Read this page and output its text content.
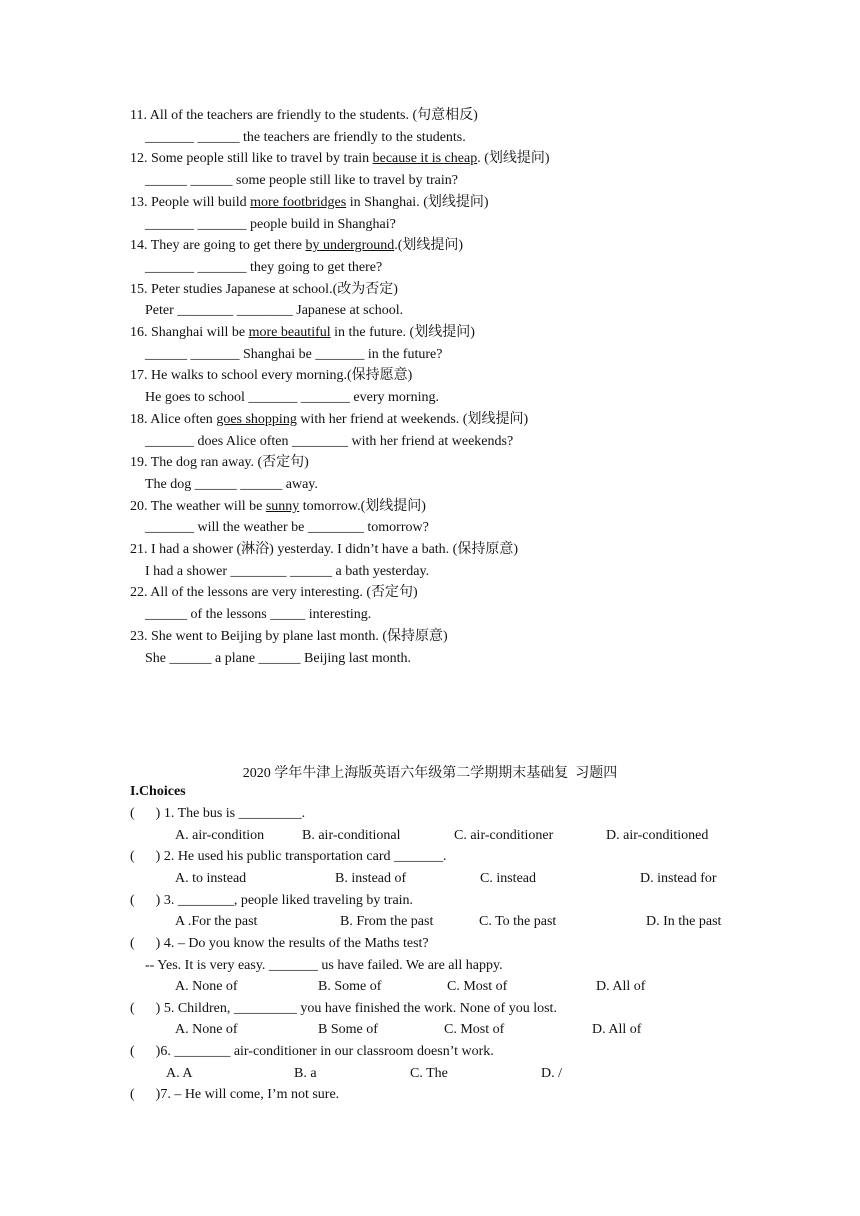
11. All of the teachers are friendly to the students. (句意相反)
_______ ______ the teachers are friendly to the students.
12. Some people still like to travel by train because it is cheap. (划线提问)
______ ______ some people still like to travel by train?
13. People will build more footbridges in Shanghai. (划线提问)
_______ _______ people build in Shanghai?
14. They are going to get there by underground.(划线提问)
_______ _______ they going to get there?
15. Peter studies Japanese at school.(改为否定)
Peter ________ ________ Japanese at school.
16. Shanghai will be more beautiful in the future. (划线提问)
______ _______ Shanghai be _______ in the future?
17. He walks to school every morning.(保持愿意)
He goes to school _______ _______ every morning.
18. Alice often goes shopping with her friend at weekends. (划线提问)
_______ does Alice often ________ with her friend at weekends?
19. The dog ran away. (否定句)
The dog ______ ______ away.
20. The weather will be sunny tomorrow.(划线提问)
_______ will the weather be ________ tomorrow?
21. I had a shower (淋浴) yesterday. I didn’t have a bath. (保持原意)
I had a shower ________ ______ a bath yesterday.
22. All of the lessons are very interesting. (否定句)
______ of the lessons _____ interesting.
23. She went to Beijing by plane last month. (保持原意)
She ______ a plane ______ Beijing last month.
2020 学年牛津上海版英语六年级第二学期期末基础复  习题四
I.Choices
(      ) 1. The bus is _________.
A. air-condition	B. air-conditional	C. air-conditioner	D. air-conditioned
(      ) 2. He used his public transportation card _______.
A. to instead	B. instead of	C. instead	D. instead for
(      ) 3. ________, people liked traveling by train.
A .For the past	B. From the past	C. To the past	D. In the past
(      ) 4. – Do you know the results of the Maths test?
-- Yes. It is very easy. _______ us have failed. We are all happy.
A. None of	B. Some of	C. Most of	D. All of
(      ) 5. Children, _________ you have finished the work. None of you lost.
A. None of	B Some of	C. Most of	D. All of
(      )6. ________ air-conditioner in our classroom doesn’t work.
A. A	B. a	C. The	D. /
(      )7. – He will come, I’m not sure.
